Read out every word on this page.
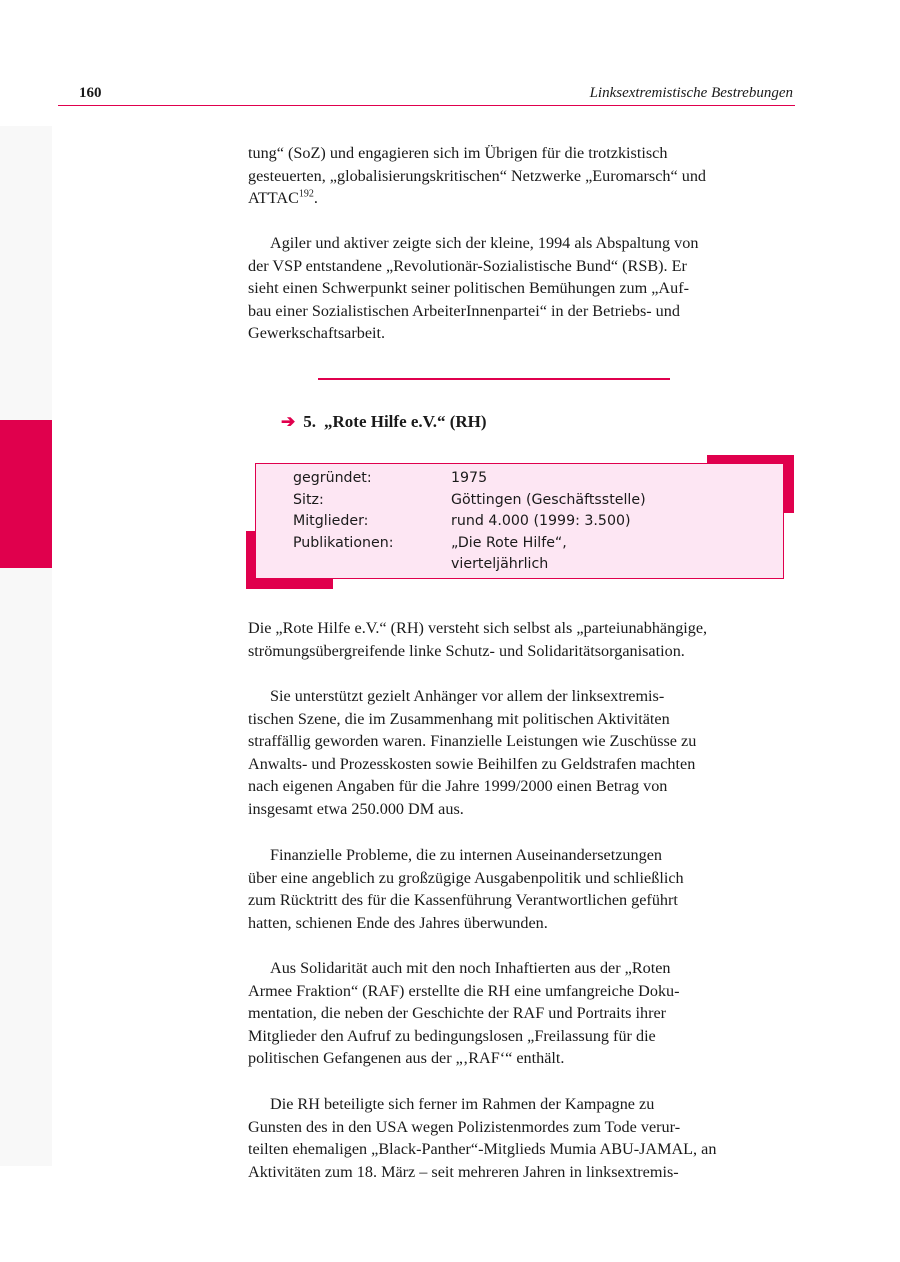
160	Linksextremistische Bestrebungen
tung“ (SoZ) und engagieren sich im Übrigen für die trotzkistisch
gesteuerten, „globalisierungskritischen“ Netzwerke „Euromarsch“ und
ATTAC$^{192}$.
Agiler und aktiver zeigte sich der kleine, 1994 als Abspaltung von
der VSP entstandene „Revolutionär-Sozialistische Bund“ (RSB). Er
sieht einen Schwerpunkt seiner politischen Bemühungen zum „Auf-
bau einer Sozialistischen ArbeiterInnenpartei“ in der Betriebs- und
Gewerkschaftsarbeit.
➔ 5. „Rote Hilfe e.V.“ (RH)
gegründet:	1975
Sitz:	Göttingen (Geschäftsstelle)
Mitglieder:	rund 4.000 (1999: 3.500)
Publikationen:	„Die Rote Hilfe“,
vierteljährlich
Die „Rote Hilfe e.V.“ (RH) versteht sich selbst als „parteiunabhängige,
strömungsübergreifende linke Schutz- und Solidaritätsorganisation.
Sie unterstützt gezielt Anhänger vor allem der linksextremis-
tischen Szene, die im Zusammenhang mit politischen Aktivitäten
straffällig geworden waren. Finanzielle Leistungen wie Zuschüsse zu
Anwalts- und Prozesskosten sowie Beihilfen zu Geldstrafen machten
nach eigenen Angaben für die Jahre 1999/2000 einen Betrag von
insgesamt etwa 250.000 DM aus.
Finanzielle Probleme, die zu internen Auseinandersetzungen
über eine angeblich zu großzügige Ausgabenpolitik und schließlich
zum Rücktritt des für die Kassenführung Verantwortlichen geführt
hatten, schienen Ende des Jahres überwunden.
Aus Solidarität auch mit den noch Inhaftierten aus der „Roten
Armee Fraktion“ (RAF) erstellte die RH eine umfangreiche Doku-
mentation, die neben der Geschichte der RAF und Portraits ihrer
Mitglieder den Aufruf zu bedingungslosen „Freilassung für die
politischen Gefangenen aus der „‚RAF‘“ enthält.
Die RH beteiligte sich ferner im Rahmen der Kampagne zu
Gunsten des in den USA wegen Polizistenmordes zum Tode verur-
teilten ehemaligen „Black-Panther“-Mitglieds Mumia ABU-JAMAL, an
Aktivitäten zum 18. März – seit mehreren Jahren in linksextremis-
